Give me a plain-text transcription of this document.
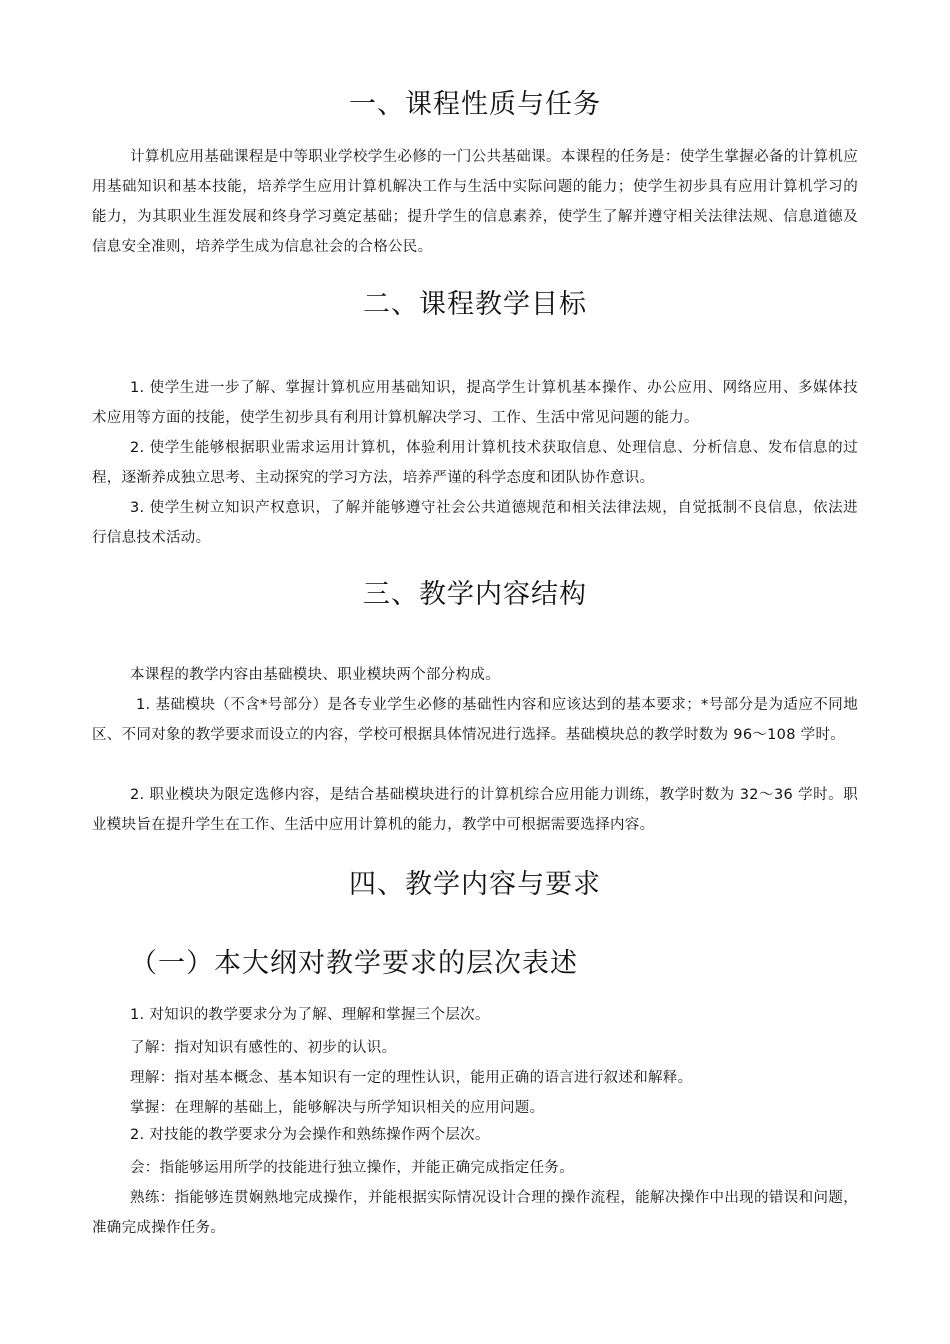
一、课程性质与任务

计算机应用基础课程是中等职业学校学生必修的一门公共基础课。本课程的任务是：使学生掌握必备的计算机应用基础知识和基本技能，培养学生应用计算机解决工作与生活中实际问题的能力；使学生初步具有应用计算机学习的能力，为其职业生涯发展和终身学习奠定基础；提升学生的信息素养，使学生了解并遵守相关法律法规、信息道德及信息安全准则，培养学生成为信息社会的合格公民。

二、课程教学目标

1. 使学生进一步了解、掌握计算机应用基础知识，提高学生计算机基本操作、办公应用、网络应用、多媒体技术应用等方面的技能，使学生初步具有利用计算机解决学习、工作、生活中常见问题的能力。

2. 使学生能够根据职业需求运用计算机，体验利用计算机技术获取信息、处理信息、分析信息、发布信息的过程，逐渐养成独立思考、主动探究的学习方法，培养严谨的科学态度和团队协作意识。

3. 使学生树立知识产权意识，了解并能够遵守社会公共道德规范和相关法律法规，自觉抵制不良信息，依法进行信息技术活动。

三、教学内容结构

本课程的教学内容由基础模块、职业模块两个部分构成。

1. 基础模块（不含*号部分）是各专业学生必修的基础性内容和应该达到的基本要求；*号部分是为适应不同地区、不同对象的教学要求而设立的内容，学校可根据具体情况进行选择。基础模块总的教学时数为 96～108 学时。

2. 职业模块为限定选修内容，是结合基础模块进行的计算机综合应用能力训练，教学时数为 32～36 学时。职业模块旨在提升学生在工作、生活中应用计算机的能力，教学中可根据需要选择内容。

四、教学内容与要求
（一）本大纲对教学要求的层次表述

1. 对知识的教学要求分为了解、理解和掌握三个层次。

了解：指对知识有感性的、初步的认识。

理解：指对基本概念、基本知识有一定的理性认识，能用正确的语言进行叙述和解释。

掌握：在理解的基础上，能够解决与所学知识相关的应用问题。

2. 对技能的教学要求分为会操作和熟练操作两个层次。

会：指能够运用所学的技能进行独立操作，并能正确完成指定任务。

熟练：指能够连贯娴熟地完成操作，并能根据实际情况设计合理的操作流程，能解决操作中出现的错误和问题，准确完成操作任务。
